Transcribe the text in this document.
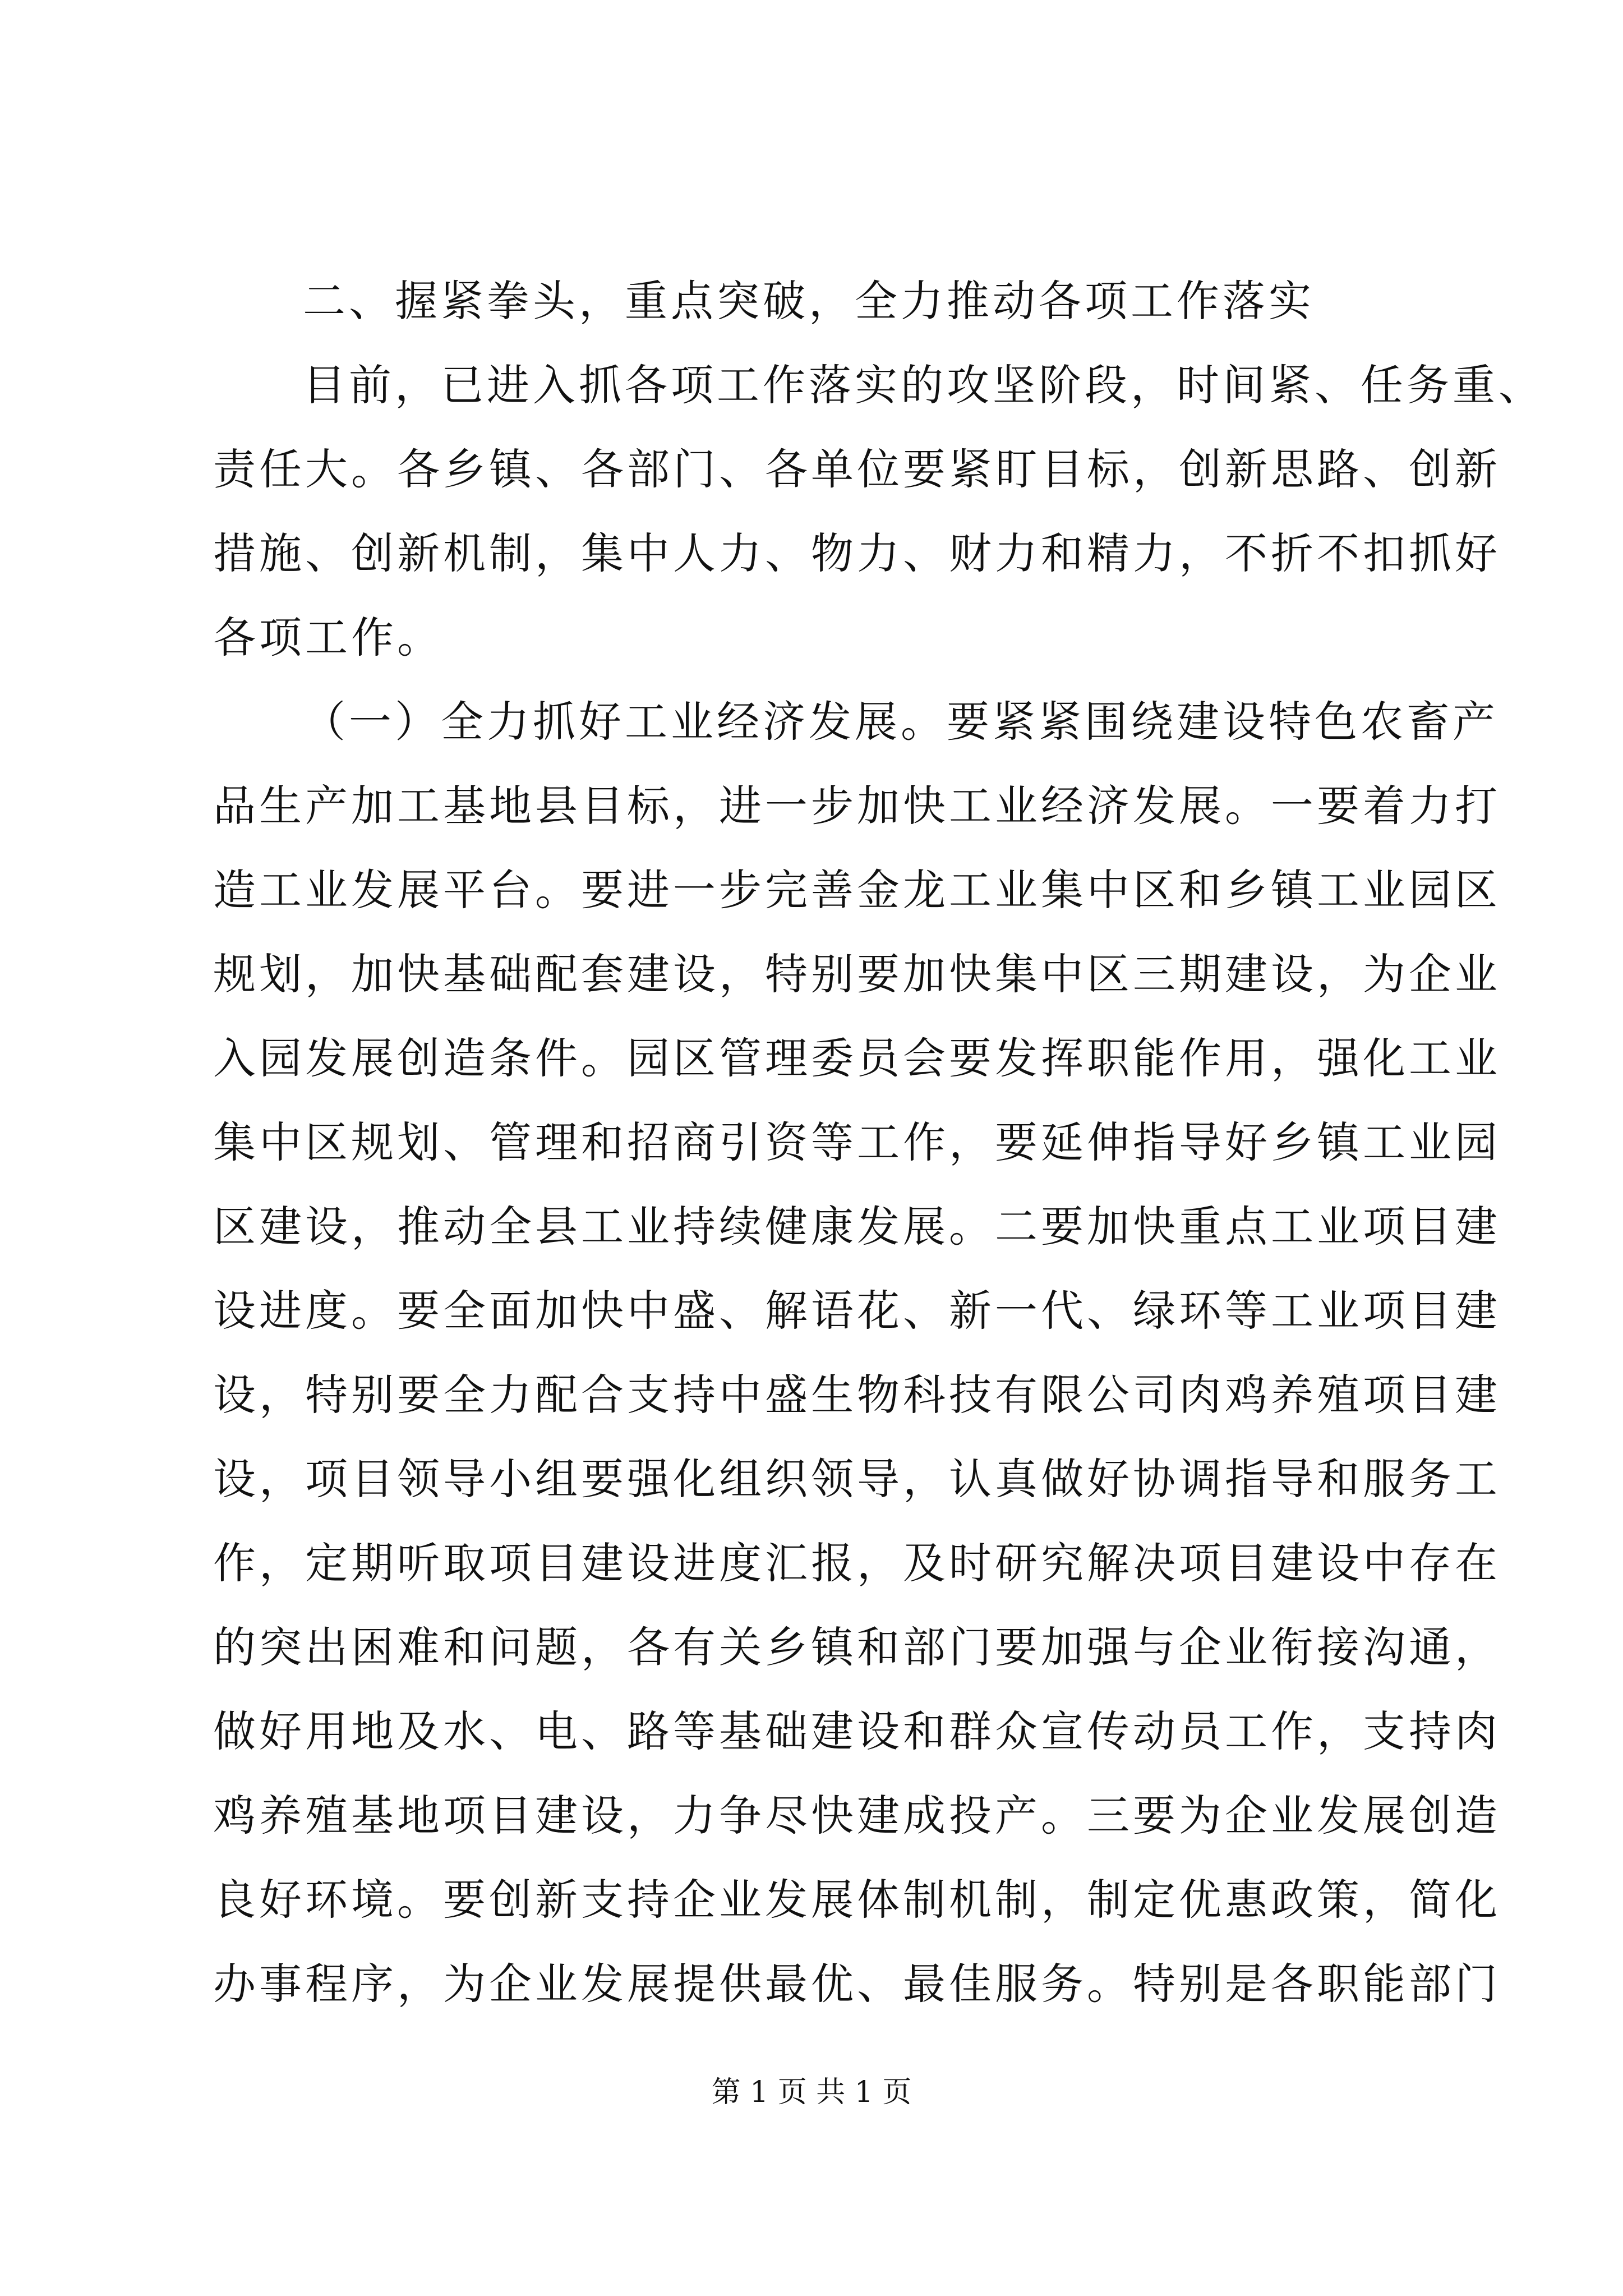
二、握紧拳头，重点突破，全力推动各项工作落实
目前，已进入抓各项工作落实的攻坚阶段，时间紧、任务重、
责任大。各乡镇、各部门、各单位要紧盯目标，创新思路、创新
措施、创新机制，集中人力、物力、财力和精力，不折不扣抓好
各项工作。
（一）全力抓好工业经济发展。要紧紧围绕建设特色农畜产
品生产加工基地县目标，进一步加快工业经济发展。一要着力打
造工业发展平台。要进一步完善金龙工业集中区和乡镇工业园区
规划，加快基础配套建设，特别要加快集中区三期建设，为企业
入园发展创造条件。园区管理委员会要发挥职能作用，强化工业
集中区规划、管理和招商引资等工作，要延伸指导好乡镇工业园
区建设，推动全县工业持续健康发展。二要加快重点工业项目建
设进度。要全面加快中盛、解语花、新一代、绿环等工业项目建
设，特别要全力配合支持中盛生物科技有限公司肉鸡养殖项目建
设，项目领导小组要强化组织领导，认真做好协调指导和服务工
作，定期听取项目建设进度汇报，及时研究解决项目建设中存在
的突出困难和问题，各有关乡镇和部门要加强与企业衔接沟通，
做好用地及水、电、路等基础建设和群众宣传动员工作，支持肉
鸡养殖基地项目建设，力争尽快建成投产。三要为企业发展创造
良好环境。要创新支持企业发展体制机制，制定优惠政策，简化
办事程序，为企业发展提供最优、最佳服务。特别是各职能部门
第 1 页 共 1 页
